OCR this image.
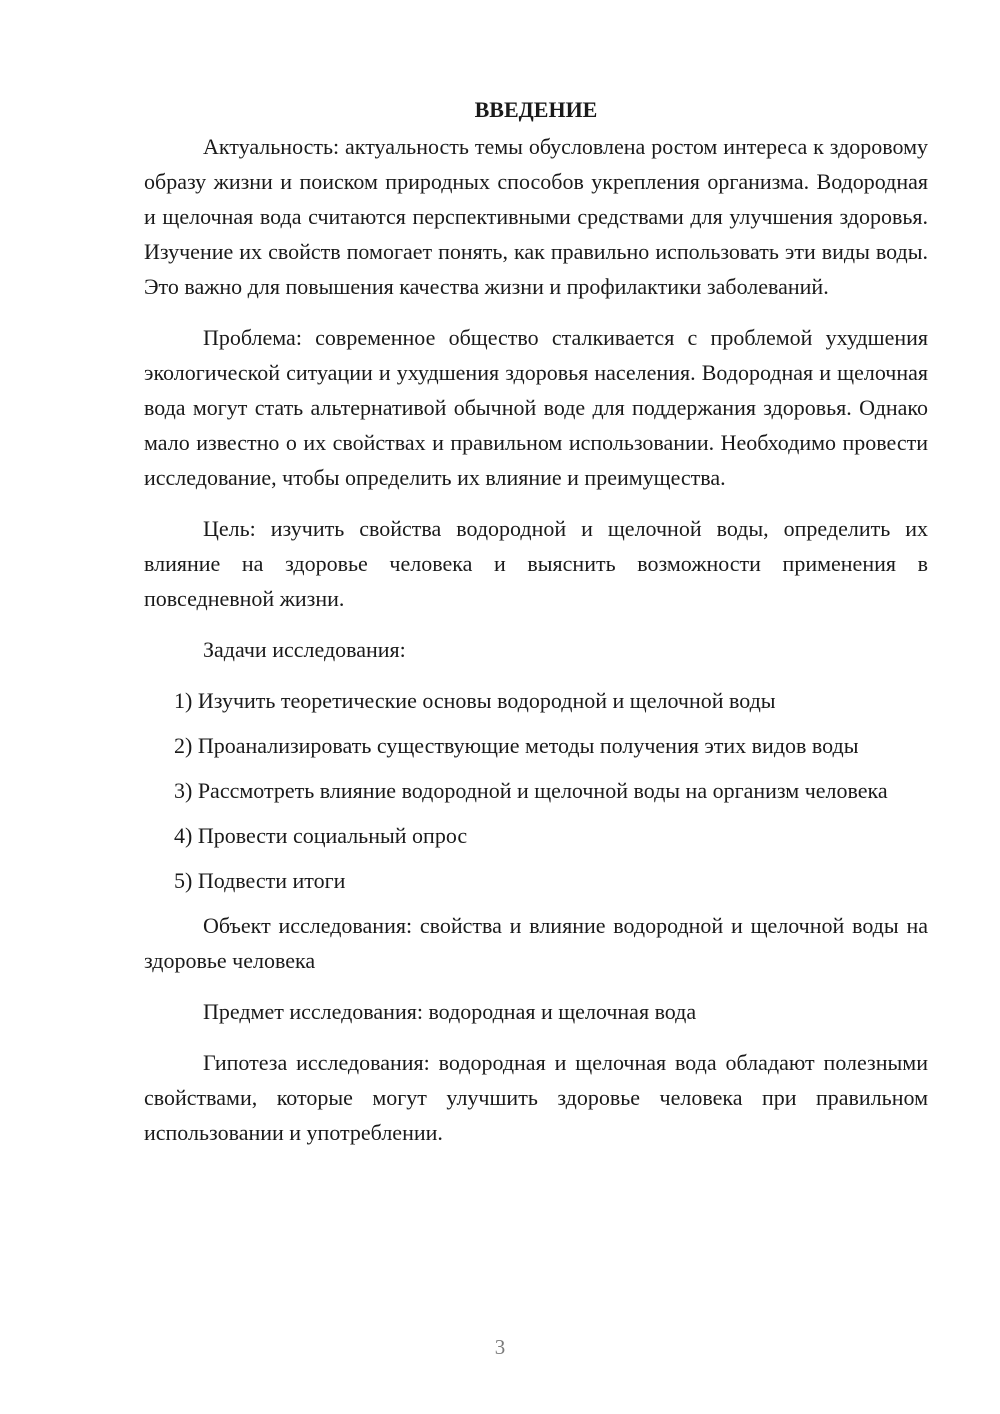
ВВЕДЕНИЕ

Актуальность: актуальность темы обусловлена ростом интереса к здоровому образу жизни и поиском природных способов укрепления организма. Водородная и щелочная вода считаются перспективными средствами для улучшения здоровья. Изучение их свойств помогает понять, как правильно использовать эти виды воды. Это важно для повышения качества жизни и профилактики заболеваний.

Проблема: современное общество сталкивается с проблемой ухудшения экологической ситуации и ухудшения здоровья населения. Водородная и щелочная вода могут стать альтернативой обычной воде для поддержания здоровья. Однако мало известно о их свойствах и правильном использовании. Необходимо провести исследование, чтобы определить их влияние и преимущества.

Цель: изучить свойства водородной и щелочной воды, определить их влияние на здоровье человека и выяснить возможности применения в повседневной жизни.

Задачи исследования:

1) Изучить теоретические основы водородной и щелочной воды

2) Проанализировать существующие методы получения этих видов воды

3) Рассмотреть влияние водородной и щелочной воды на организм человека

4) Провести социальный опрос

5) Подвести итоги

Объект исследования: свойства и влияние водородной и щелочной воды на здоровье человека

Предмет исследования: водородная и щелочная вода

Гипотеза исследования: водородная и щелочная вода обладают полезными свойствами, которые могут улучшить здоровье человека при правильном использовании и употреблении.

3
